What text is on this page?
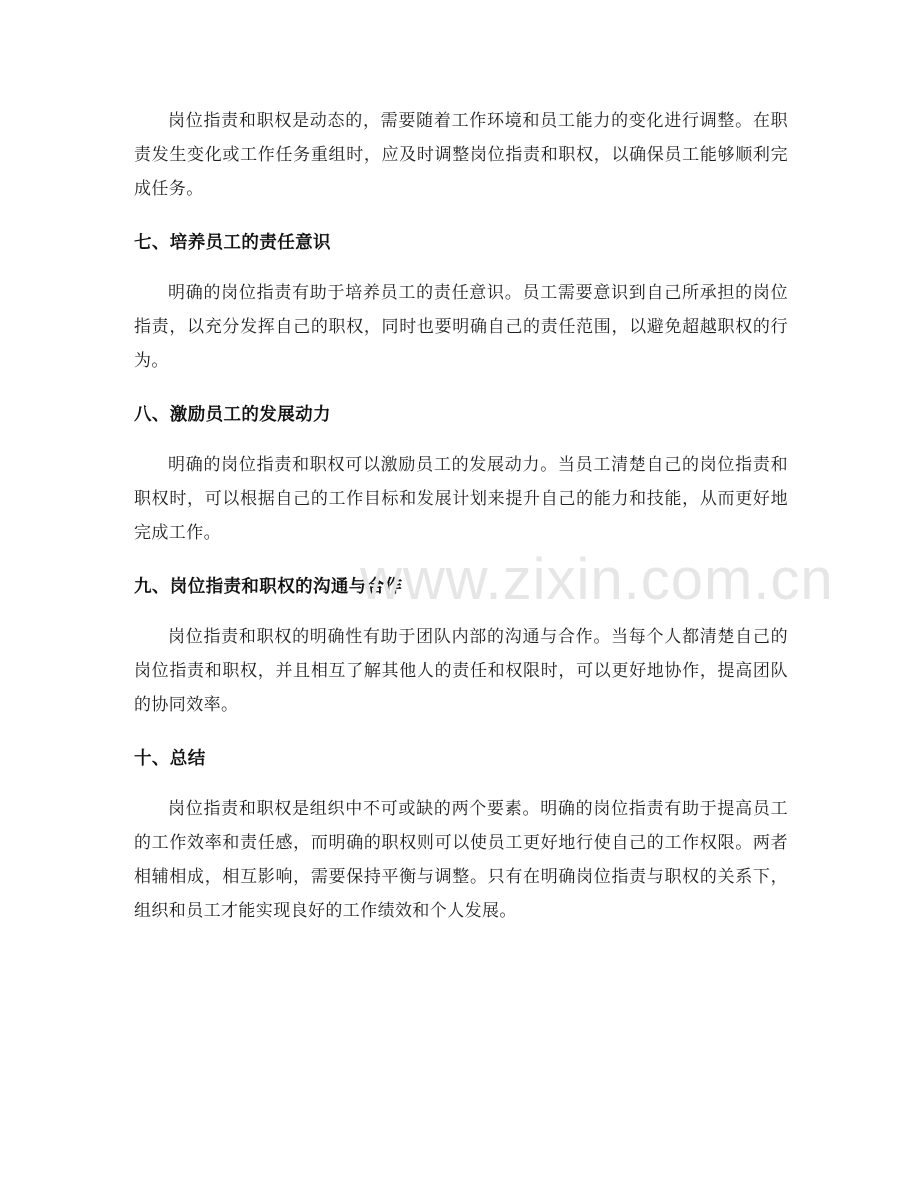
岗位指责和职权是动态的，需要随着工作环境和员工能力的变化进行调整。在职责发生变化或工作任务重组时，应及时调整岗位指责和职权，以确保员工能够顺利完成任务。

七、培养员工的责任意识

明确的岗位指责有助于培养员工的责任意识。员工需要意识到自己所承担的岗位指责，以充分发挥自己的职权，同时也要明确自己的责任范围，以避免超越职权的行为。

八、激励员工的发展动力

明确的岗位指责和职权可以激励员工的发展动力。当员工清楚自己的岗位指责和职权时，可以根据自己的工作目标和发展计划来提升自己的能力和技能，从而更好地完成工作。

九、岗位指责和职权的沟通与合作

岗位指责和职权的明确性有助于团队内部的沟通与合作。当每个人都清楚自己的岗位指责和职权，并且相互了解其他人的责任和权限时，可以更好地协作，提高团队的协同效率。

十、总结

岗位指责和职权是组织中不可或缺的两个要素。明确的岗位指责有助于提高员工的工作效率和责任感，而明确的职权则可以使员工更好地行使自己的工作权限。两者相辅相成，相互影响，需要保持平衡与调整。只有在明确岗位指责与职权的关系下，组织和员工才能实现良好的工作绩效和个人发展。

www.zixin.com.cn
